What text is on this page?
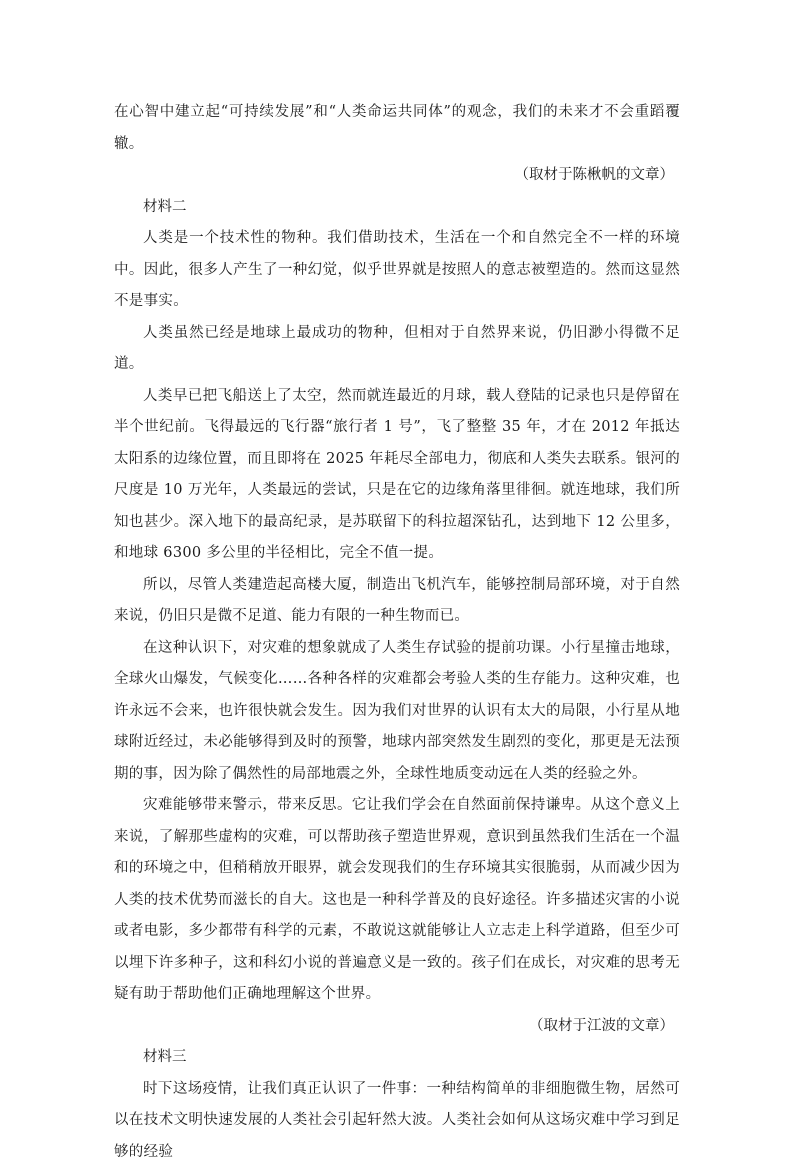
在心智中建立起“可持续发展”和“人类命运共同体”的观念，我们的未来才不会重蹈覆辙。

（取材于陈楸帆的文章）

材料二

人类是一个技术性的物种。我们借助技术，生活在一个和自然完全不一样的环境中。因此，很多人产生了一种幻觉，似乎世界就是按照人的意志被塑造的。然而这显然不是事实。

人类虽然已经是地球上最成功的物种，但相对于自然界来说，仍旧渺小得微不足道。

人类早已把飞船送上了太空，然而就连最近的月球，载人登陆的记录也只是停留在半个世纪前。飞得最远的飞行器“旅行者 1 号”，飞了整整 35 年，才在 2012 年抵达太阳系的边缘位置，而且即将在 2025 年耗尽全部电力，彻底和人类失去联系。银河的尺度是 10 万光年，人类最远的尝试，只是在它的边缘角落里徘徊。就连地球，我们所知也甚少。深入地下的最高纪录，是苏联留下的科拉超深钻孔，达到地下 12 公里多，和地球 6300 多公里的半径相比，完全不值一提。

所以，尽管人类建造起高楼大厦，制造出飞机汽车，能够控制局部环境，对于自然来说，仍旧只是微不足道、能力有限的一种生物而已。

在这种认识下，对灾难的想象就成了人类生存试验的提前功课。小行星撞击地球，全球火山爆发，气候变化……各种各样的灾难都会考验人类的生存能力。这种灾难，也许永远不会来，也许很快就会发生。因为我们对世界的认识有太大的局限，小行星从地球附近经过，未必能够得到及时的预警，地球内部突然发生剧烈的变化，那更是无法预期的事，因为除了偶然性的局部地震之外，全球性地质变动远在人类的经验之外。

灾难能够带来警示，带来反思。它让我们学会在自然面前保持谦卑。从这个意义上来说，了解那些虚构的灾难，可以帮助孩子塑造世界观，意识到虽然我们生活在一个温和的环境之中，但稍稍放开眼界，就会发现我们的生存环境其实很脆弱，从而减少因为人类的技术优势而滋长的自大。这也是一种科学普及的良好途径。许多描述灾害的小说或者电影，多少都带有科学的元素，不敢说这就能够让人立志走上科学道路，但至少可以埋下许多种子，这和科幻小说的普遍意义是一致的。孩子们在成长，对灾难的思考无疑有助于帮助他们正确地理解这个世界。

（取材于江波的文章）

材料三

时下这场疫情，让我们真正认识了一件事：一种结构简单的非细胞微生物，居然可以在技术文明快速发展的人类社会引起轩然大波。人类社会如何从这场灾难中学习到足够的经验
